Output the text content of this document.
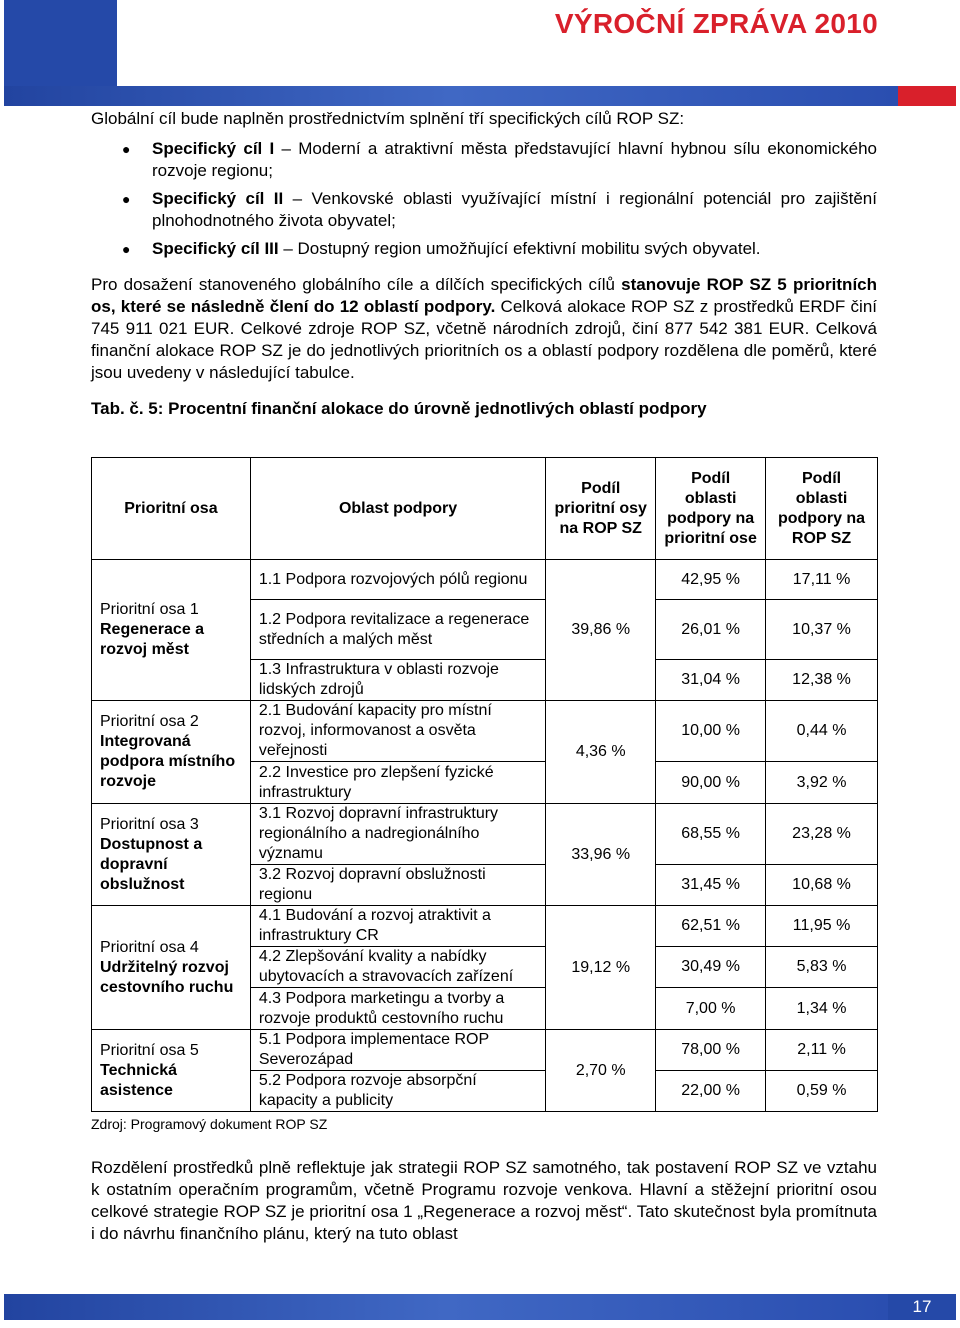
VÝROČNÍ ZPRÁVA 2010

Globální cíl bude naplněn prostřednictvím splnění tří specifických cílů ROP SZ:

● Specifický cíl I – Moderní a atraktivní města představující hlavní hybnou sílu ekonomického rozvoje regionu;
● Specifický cíl II – Venkovské oblasti využívající místní i regionální potenciál pro zajištění plnohodnotného života obyvatel;
● Specifický cíl III – Dostupný region umožňující efektivní mobilitu svých obyvatel.

Pro dosažení stanoveného globálního cíle a dílčích specifických cílů stanovuje ROP SZ 5 prioritních os, které se následně člení do 12 oblastí podpory. Celková alokace ROP SZ z prostředků ERDF činí 745 911 021 EUR. Celkové zdroje ROP SZ, včetně národních zdrojů, činí 877 542 381 EUR. Celková finanční alokace ROP SZ je do jednotlivých prioritních os a oblastí podpory rozdělena dle poměrů, které jsou uvedeny v následující tabulce.

Tab. č. 5: Procentní finanční alokace do úrovně jednotlivých oblastí podpory
Prioritní osa	Oblast podpory	Podíl prioritní osy na ROP SZ	Podíl oblasti podpory na prioritní ose	Podíl oblasti podpory na ROP SZ

Prioritní osa 1
Regenerace a rozvoj měst	1.1 Podpora rozvojových pólů regionu	39,86 %	42,95 %	17,11 %
	1.2 Podpora revitalizace a regenerace středních a malých měst		26,01 %	10,37 %
	1.3 Infrastruktura v oblasti rozvoje lidských zdrojů		31,04 %	12,38 %

Prioritní osa 2
Integrovaná podpora místního rozvoje	2.1 Budování kapacity pro místní rozvoj, informovanost a osvěta veřejnosti	4,36 %	10,00 %	0,44 %
	2.2 Investice pro zlepšení fyzické infrastruktury		90,00 %	3,92 %

Prioritní osa 3
Dostupnost a dopravní obslužnost	3.1 Rozvoj dopravní infrastruktury regionálního a nadregionálního významu	33,96 %	68,55 %	23,28 %
	3.2 Rozvoj dopravní obslužnosti regionu		31,45 %	10,68 %

Prioritní osa 4
Udržitelný rozvoj cestovního ruchu	4.1 Budování a rozvoj atraktivit a infrastruktury CR	19,12 %	62,51 %	11,95 %
	4.2 Zlepšování kvality a nabídky ubytovacích a stravovacích zařízení		30,49 %	5,83 %
	4.3 Podpora marketingu a tvorby a rozvoje produktů cestovního ruchu		7,00 %	1,34 %

Prioritní osa 5
Technická asistence	5.1 Podpora implementace ROP Severozápad	2,70 %	78,00 %	2,11 %
	5.2 Podpora rozvoje absorpční kapacity a publicity		22,00 %	0,59 %
Zdroj: Programový dokument ROP SZ

Rozdělení prostředků plně reflektuje jak strategii ROP SZ samotného, tak postavení ROP SZ ve vztahu k ostatním operačním programům, včetně Programu rozvoje venkova. Hlavní a stěžejní prioritní osou celkové strategie ROP SZ je prioritní osa 1 „Regenerace a rozvoj měst“. Tato skutečnost byla promítnuta i do návrhu finančního plánu, který na tuto oblast

17
